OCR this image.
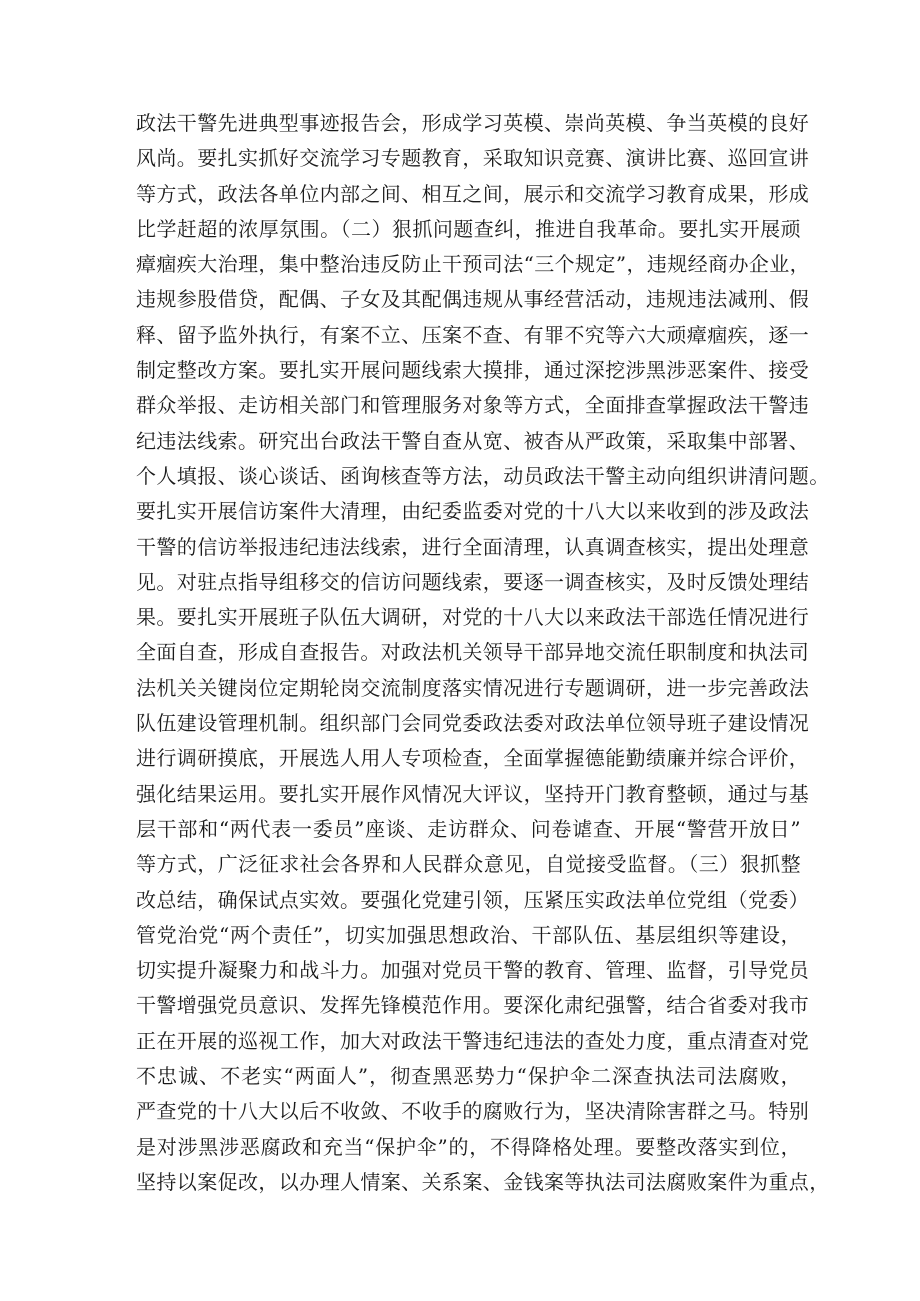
政法干警先进典型事迹报告会，形成学习英模、崇尚英模、争当英模的良好
风尚。要扎实抓好交流学习专题教育，采取知识竞赛、演讲比赛、巡回宣讲
等方式，政法各单位内部之间、相互之间，展示和交流学习教育成果，形成
比学赶超的浓厚氛围。（二）狠抓问题查纠，推进自我革命。要扎实开展顽
瘴痼疾大治理，集中整治违反防止干预司法“三个规定”，违规经商办企业，
违规参股借贷，配偶、子女及其配偶违规从事经营活动，违规违法减刑、假
释、留予监外执行，有案不立、压案不查、有罪不究等六大顽瘴痼疾，逐一
制定整改方案。要扎实开展问题线索大摸排，通过深挖涉黑涉恶案件、接受
群众举报、走访相关部门和管理服务对象等方式，全面排查掌握政法干警违
纪违法线索。研究出台政法干警自查从宽、被杳从严政策，采取集中部署、
个人填报、谈心谈话、函询核查等方法，动员政法干警主动向组织讲清问题。
要扎实开展信访案件大清理，由纪委监委对党的十八大以来收到的涉及政法
干警的信访举报违纪违法线索，进行全面清理，认真调查核实，提出处理意
见。对驻点指导组移交的信访问题线索，要逐一调查核实，及时反馈处理结
果。要扎实开展班子队伍大调研，对党的十八大以来政法干部选任情况进行
全面自查，形成自查报告。对政法机关领导干部异地交流任职制度和执法司
法机关关键岗位定期轮岗交流制度落实情况进行专题调研，进一步完善政法
队伍建设管理机制。组织部门会同党委政法委对政法单位领导班子建设情况
进行调研摸底，开展选人用人专项检查，全面掌握德能勤绩廉并综合评价，
强化结果运用。要扎实开展作风情况大评议，坚持开门教育整顿，通过与基
层干部和“两代表一委员”座谈、走访群众、问卷谑查、开展“警营开放日”
等方式，广泛征求社会各界和人民群众意见，自觉接受监督。（三）狠抓整
改总结，确保试点实效。要强化党建引领，压紧压实政法单位党组（党委）
管党治党“两个责任”，切实加强思想政治、干部队伍、基层组织等建设，
切实提升凝聚力和战斗力。加强对党员干警的教育、管理、监督，引导党员
干警增强党员意识、发挥先锋模范作用。要深化肃纪强警，结合省委对我市
正在开展的巡视工作，加大对政法干警违纪违法的查处力度，重点清查对党
不忠诚、不老实“两面人”，彻查黑恶势力“保护伞二深查执法司法腐败，
严查党的十八大以后不收敛、不收手的腐败行为，坚决清除害群之马。特别
是对涉黑涉恶腐政和充当“保护伞”的，不得降格处理。要整改落实到位，
坚持以案促改，以办理人情案、关系案、金钱案等执法司法腐败案件为重点，
